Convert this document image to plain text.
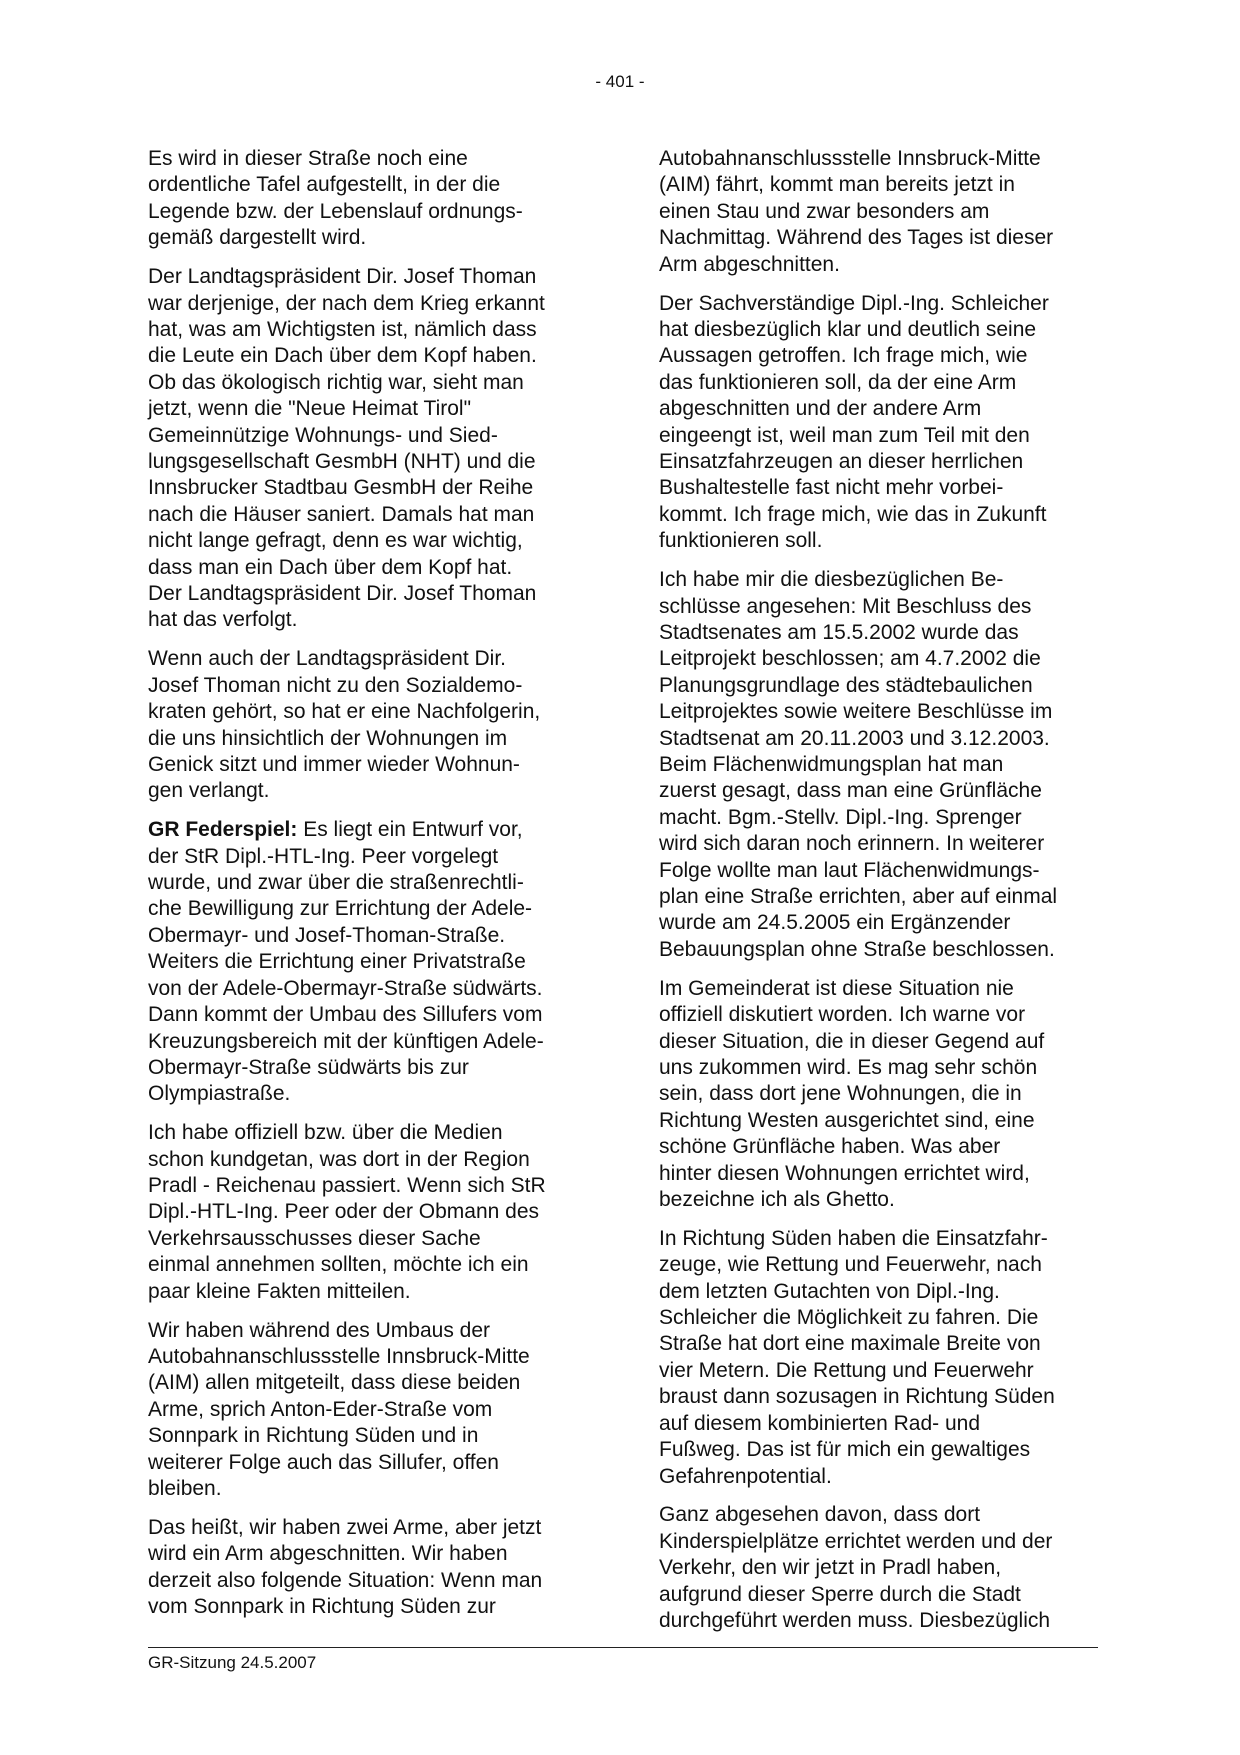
- 401 -

Es wird in dieser Straße noch eine
ordentliche Tafel aufgestellt, in der die
Legende bzw. der Lebenslauf ordnungs-
gemäß dargestellt wird.

Der Landtagspräsident Dir. Josef Thoman
war derjenige, der nach dem Krieg erkannt
hat, was am Wichtigsten ist, nämlich dass
die Leute ein Dach über dem Kopf haben.
Ob das ökologisch richtig war, sieht man
jetzt, wenn die "Neue Heimat Tirol"
Gemeinnützige Wohnungs- und Sied-
lungsgesellschaft GesmbH (NHT) und die
Innsbrucker Stadtbau GesmbH der Reihe
nach die Häuser saniert. Damals hat man
nicht lange gefragt, denn es war wichtig,
dass man ein Dach über dem Kopf hat.
Der Landtagspräsident Dir. Josef Thoman
hat das verfolgt.

Wenn auch der Landtagspräsident Dir.
Josef Thoman nicht zu den Sozialdemo-
kraten gehört, so hat er eine Nachfolgerin,
die uns hinsichtlich der Wohnungen im
Genick sitzt und immer wieder Wohnun-
gen verlangt.

GR Federspiel: Es liegt ein Entwurf vor,
der StR Dipl.-HTL-Ing. Peer vorgelegt
wurde, und zwar über die straßenrechtli-
che Bewilligung zur Errichtung der Adele-
Obermayr- und Josef-Thoman-Straße.
Weiters die Errichtung einer Privatstraße
von der Adele-Obermayr-Straße südwärts.
Dann kommt der Umbau des Sillufers vom
Kreuzungsbereich mit der künftigen Adele-
Obermayr-Straße südwärts bis zur
Olympiastraße.

Ich habe offiziell bzw. über die Medien
schon kundgetan, was dort in der Region
Pradl - Reichenau passiert. Wenn sich StR
Dipl.-HTL-Ing. Peer oder der Obmann des
Verkehrsausschusses dieser Sache
einmal annehmen sollten, möchte ich ein
paar kleine Fakten mitteilen.

Wir haben während des Umbaus der
Autobahnanschlussstelle Innsbruck-Mitte
(AIM) allen mitgeteilt, dass diese beiden
Arme, sprich Anton-Eder-Straße vom
Sonnpark in Richtung Süden und in
weiterer Folge auch das Sillufer, offen
bleiben.

Das heißt, wir haben zwei Arme, aber jetzt
wird ein Arm abgeschnitten. Wir haben
derzeit also folgende Situation: Wenn man
vom Sonnpark in Richtung Süden zur

Autobahnanschlussstelle Innsbruck-Mitte
(AIM) fährt, kommt man bereits jetzt in
einen Stau und zwar besonders am
Nachmittag. Während des Tages ist dieser
Arm abgeschnitten.

Der Sachverständige Dipl.-Ing. Schleicher
hat diesbezüglich klar und deutlich seine
Aussagen getroffen. Ich frage mich, wie
das funktionieren soll, da der eine Arm
abgeschnitten und der andere Arm
eingeengt ist, weil man zum Teil mit den
Einsatzfahrzeugen an dieser herrlichen
Bushaltestelle fast nicht mehr vorbei-
kommt. Ich frage mich, wie das in Zukunft
funktionieren soll.

Ich habe mir die diesbezüglichen Be-
schlüsse angesehen: Mit Beschluss des
Stadtsenates am 15.5.2002 wurde das
Leitprojekt beschlossen; am 4.7.2002 die
Planungsgrundlage des städtebaulichen
Leitprojektes sowie weitere Beschlüsse im
Stadtsenat am 20.11.2003 und 3.12.2003.
Beim Flächenwidmungsplan hat man
zuerst gesagt, dass man eine Grünfläche
macht. Bgm.-Stellv. Dipl.-Ing. Sprenger
wird sich daran noch erinnern. In weiterer
Folge wollte man laut Flächenwidmungs-
plan eine Straße errichten, aber auf einmal
wurde am 24.5.2005 ein Ergänzender
Bebauungsplan ohne Straße beschlossen.

Im Gemeinderat ist diese Situation nie
offiziell diskutiert worden. Ich warne vor
dieser Situation, die in dieser Gegend auf
uns zukommen wird. Es mag sehr schön
sein, dass dort jene Wohnungen, die in
Richtung Westen ausgerichtet sind, eine
schöne Grünfläche haben. Was aber
hinter diesen Wohnungen errichtet wird,
bezeichne ich als Ghetto.

In Richtung Süden haben die Einsatzfahr-
zeuge, wie Rettung und Feuerwehr, nach
dem letzten Gutachten von Dipl.-Ing.
Schleicher die Möglichkeit zu fahren. Die
Straße hat dort eine maximale Breite von
vier Metern. Die Rettung und Feuerwehr
braust dann sozusagen in Richtung Süden
auf diesem kombinierten Rad- und
Fußweg. Das ist für mich ein gewaltiges
Gefahrenpotential.

Ganz abgesehen davon, dass dort
Kinderspielplätze errichtet werden und der
Verkehr, den wir jetzt in Pradl haben,
aufgrund dieser Sperre durch die Stadt
durchgeführt werden muss. Diesbezüglich

GR-Sitzung 24.5.2007
